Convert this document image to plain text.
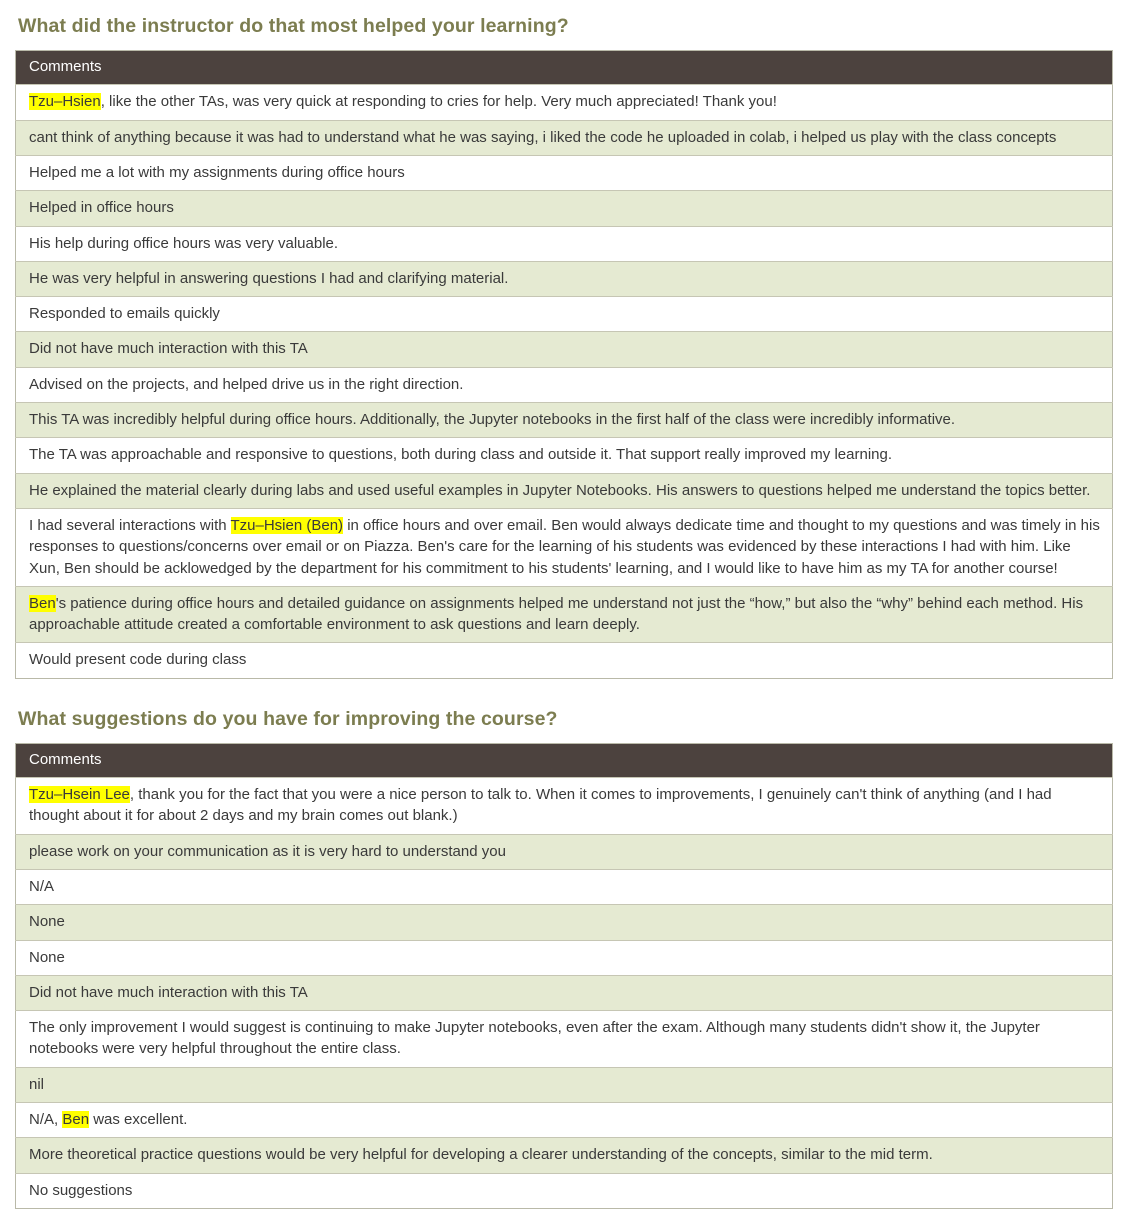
What did the instructor do that most helped your learning?
Comments
Tzu–Hsien, like the other TAs, was very quick at responding to cries for help. Very much appreciated! Thank you!
cant think of anything because it was had to understand what he was saying, i liked the code he uploaded in colab, i helped us play with the class concepts
Helped me a lot with my assignments during office hours
Helped in office hours
His help during office hours was very valuable.
He was very helpful in answering questions I had and clarifying material.
Responded to emails quickly
Did not have much interaction with this TA
Advised on the projects, and helped drive us in the right direction.
This TA was incredibly helpful during office hours. Additionally, the Jupyter notebooks in the first half of the class were incredibly informative.
The TA was approachable and responsive to questions, both during class and outside it. That support really improved my learning.
He explained the material clearly during labs and used useful examples in Jupyter Notebooks. His answers to questions helped me understand the topics better.
I had several interactions with Tzu–Hsien (Ben) in office hours and over email. Ben would always dedicate time and thought to my questions and was timely in his responses to questions/concerns over email or on Piazza. Ben's care for the learning of his students was evidenced by these interactions I had with him. Like Xun, Ben should be acklowedged by the department for his commitment to his students' learning, and I would like to have him as my TA for another course!
Ben's patience during office hours and detailed guidance on assignments helped me understand not just the “how,” but also the “why” behind each method. His approachable attitude created a comfortable environment to ask questions and learn deeply.
Would present code during class
What suggestions do you have for improving the course?
Comments
Tzu–Hsein Lee, thank you for the fact that you were a nice person to talk to. When it comes to improvements, I genuinely can't think of anything (and I had thought about it for about 2 days and my brain comes out blank.)
please work on your communication as it is very hard to understand you
N/A
None
None
Did not have much interaction with this TA
The only improvement I would suggest is continuing to make Jupyter notebooks, even after the exam. Although many students didn't show it, the Jupyter notebooks were very helpful throughout the entire class.
nil
N/A, Ben was excellent.
More theoretical practice questions would be very helpful for developing a clearer understanding of the concepts, similar to the mid term.
No suggestions
